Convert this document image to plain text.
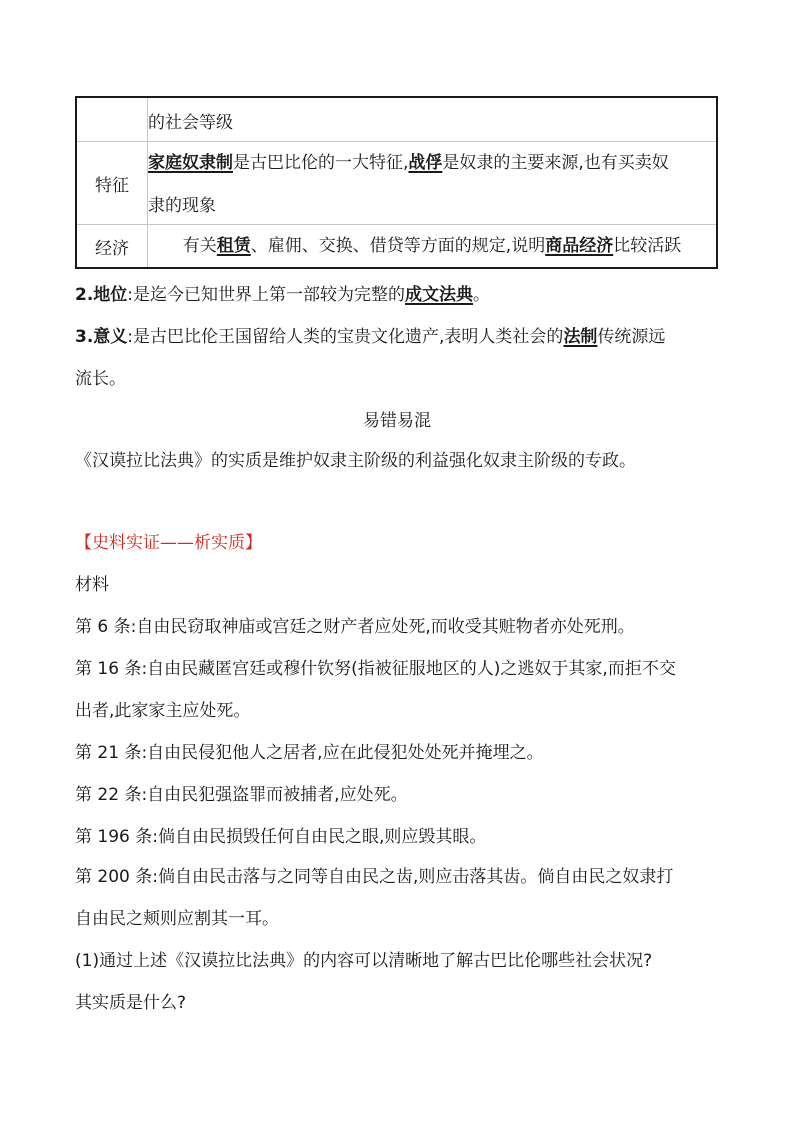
的社会等级
特征
家庭奴隶制是古巴比伦的一大特征,战俘是奴隶的主要来源,也有买卖奴
隶的现象
经济	有关租赁、雇佣、交换、借贷等方面的规定,说明商品经济比较活跃
2.地位:是迄今已知世界上第一部较为完整的成文法典。
3.意义:是古巴比伦王国留给人类的宝贵文化遗产,表明人类社会的法制传统源远
流长。
易错易混
《汉谟拉比法典》的实质是维护奴隶主阶级的利益强化奴隶主阶级的专政。
【史料实证——析实质】
材料
第 6 条:自由民窃取神庙或宫廷之财产者应处死,而收受其赃物者亦处死刑。
第 16 条:自由民藏匿宫廷或穆什钦努(指被征服地区的人)之逃奴于其家,而拒不交
出者,此家家主应处死。
第 21 条:自由民侵犯他人之居者,应在此侵犯处处死并掩埋之。
第 22 条:自由民犯强盗罪而被捕者,应处死。
第 196 条:倘自由民损毁任何自由民之眼,则应毁其眼。
第 200 条:倘自由民击落与之同等自由民之齿,则应击落其齿。倘自由民之奴隶打
自由民之颊则应割其一耳。
(1)通过上述《汉谟拉比法典》的内容可以清晰地了解古巴比伦哪些社会状况?
其实质是什么?
